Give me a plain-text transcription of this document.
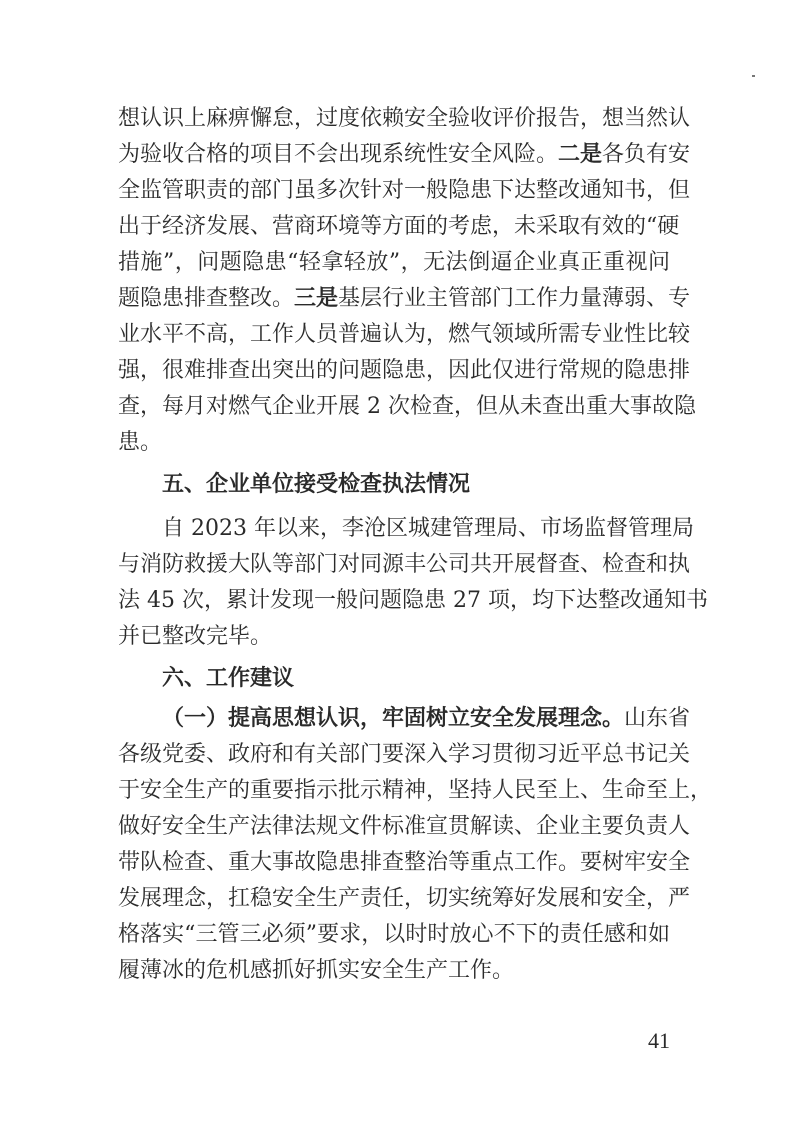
想认识上麻痹懈怠，过度依赖安全验收评价报告，想当然认
为验收合格的项目不会出现系统性安全风险。二是各负有安
全监管职责的部门虽多次针对一般隐患下达整改通知书，但
出于经济发展、营商环境等方面的考虑，未采取有效的“硬
措施”，问题隐患“轻拿轻放”，无法倒逼企业真正重视问
题隐患排查整改。三是基层行业主管部门工作力量薄弱、专
业水平不高，工作人员普遍认为，燃气领域所需专业性比较
强，很难排查出突出的问题隐患，因此仅进行常规的隐患排
查，每月对燃气企业开展 2 次检查，但从未查出重大事故隐
患。
五、企业单位接受检查执法情况
自 2023 年以来，李沧区城建管理局、市场监督管理局
与消防救援大队等部门对同源丰公司共开展督查、检查和执
法 45 次，累计发现一般问题隐患 27 项，均下达整改通知书
并已整改完毕。
六、工作建议
（一）提高思想认识，牢固树立安全发展理念。山东省
各级党委、政府和有关部门要深入学习贯彻习近平总书记关
于安全生产的重要指示批示精神，坚持人民至上、生命至上，
做好安全生产法律法规文件标准宣贯解读、企业主要负责人
带队检查、重大事故隐患排查整治等重点工作。要树牢安全
发展理念，扛稳安全生产责任，切实统筹好发展和安全，严
格落实“三管三必须”要求，以时时放心不下的责任感和如
履薄冰的危机感抓好抓实安全生产工作。
41
